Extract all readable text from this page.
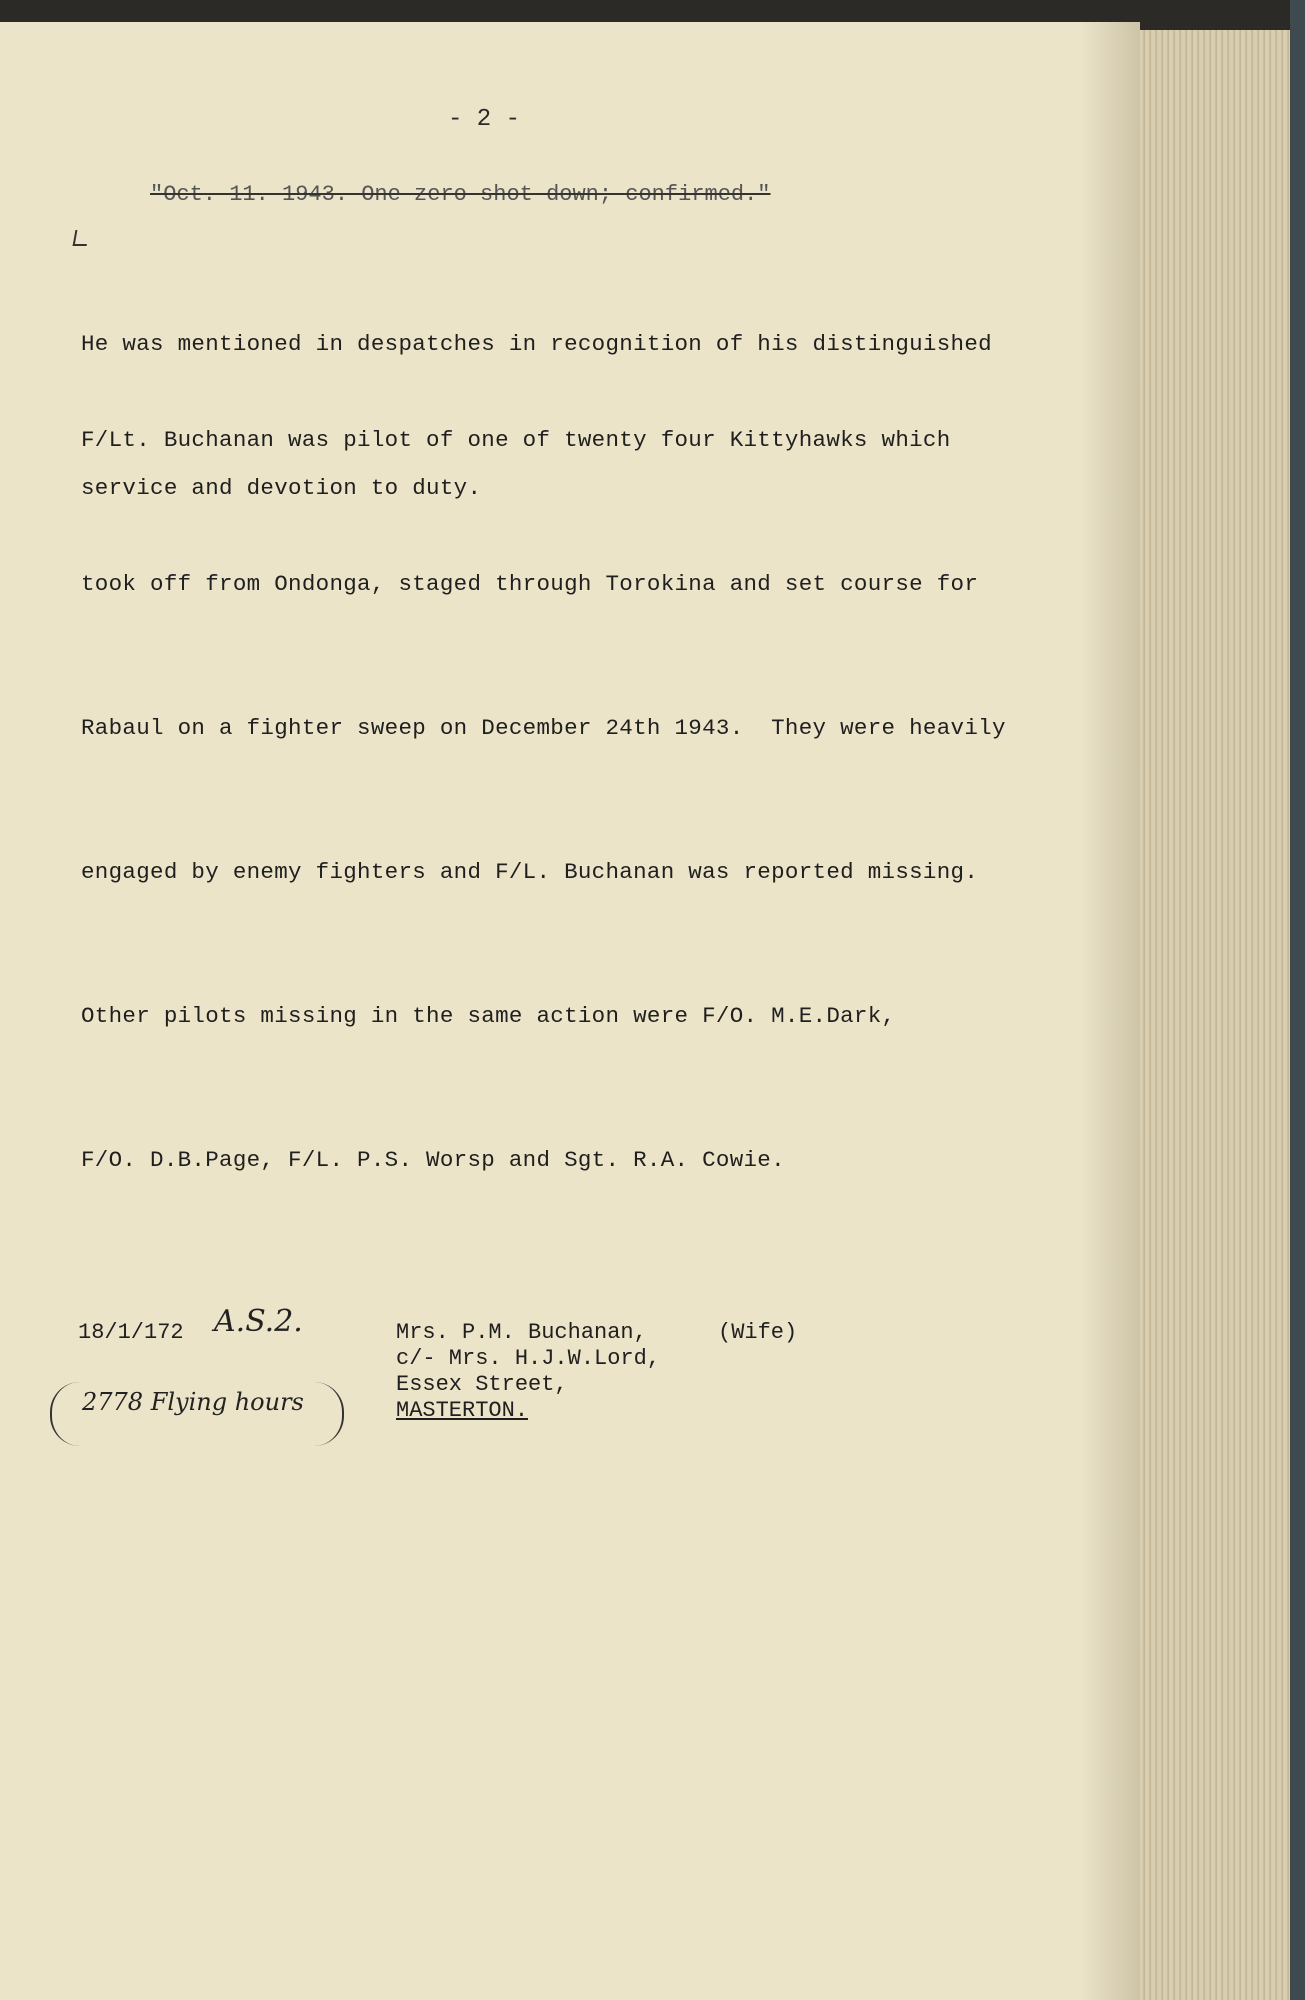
- 2 -
"Oct. 11. 1943. One zero shot down; confirmed."

He was mentioned in despatches in recognition of his distinguished

service and devotion to duty.

F/Lt. Buchanan was pilot of one of twenty four Kittyhawks which

took off from Ondonga, staged through Torokina and set course for

Rabaul on a fighter sweep on December 24th 1943.  They were heavily

engaged by enemy fighters and F/L. Buchanan was reported missing.

Other pilots missing in the same action were F/O. M.E.Dark,

F/O. D.B.Page, F/L. P.S. Worsp and Sgt. R.A. Cowie.

18/1/172 A.S.2.	Mrs. P.M. Buchanan,
c/- Mrs. H.J.W.Lord,
Essex Street,
MASTERTON.
(Wife)
2778 Flying hours
